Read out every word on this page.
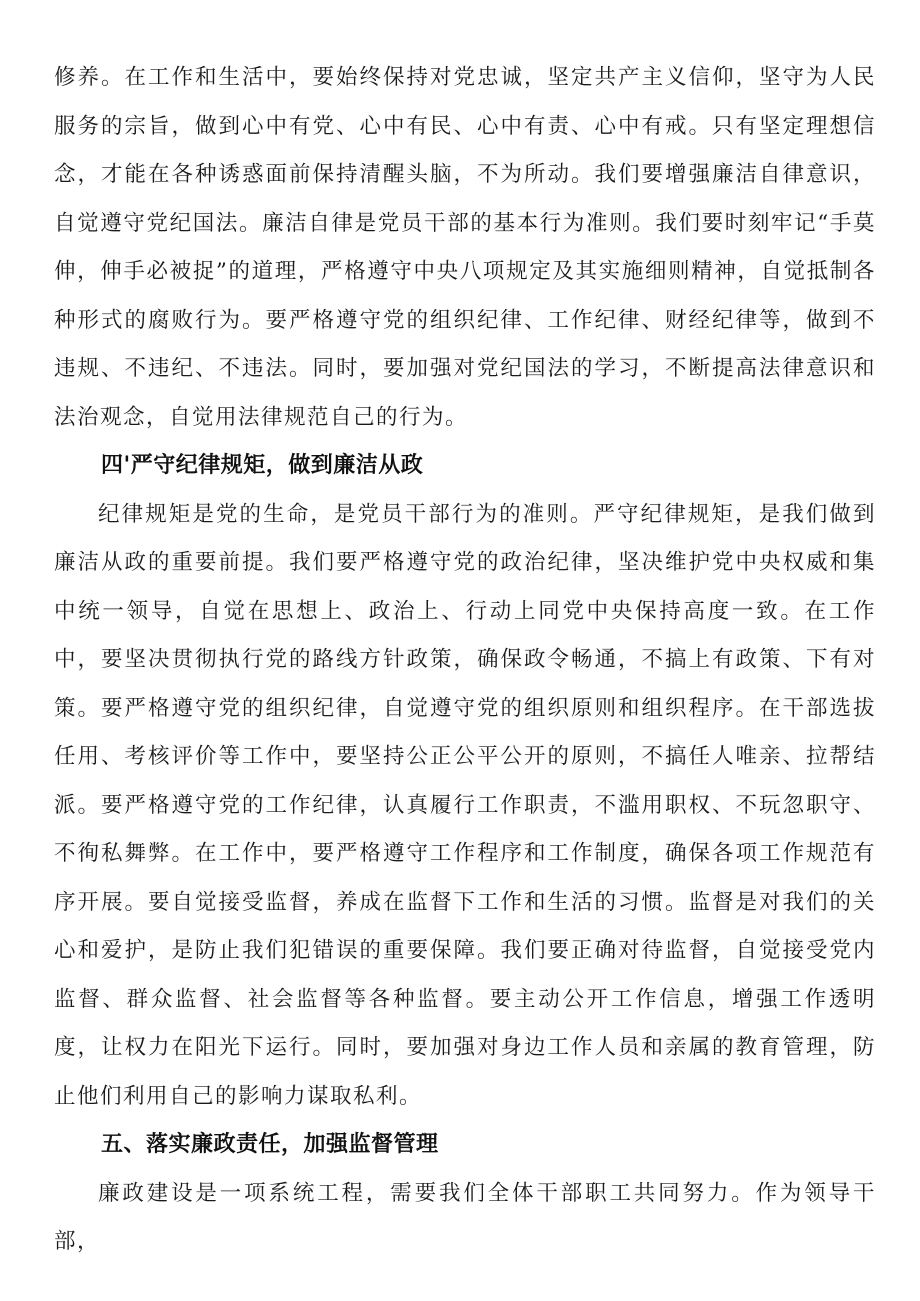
修养。在工作和生活中，要始终保持对党忠诚，坚定共产主义信仰，坚守为人民服务的宗旨，做到心中有党、心中有民、心中有责、心中有戒。只有坚定理想信念，才能在各种诱惑面前保持清醒头脑，不为所动。我们要增强廉洁自律意识，自觉遵守党纪国法。廉洁自律是党员干部的基本行为准则。我们要时刻牢记“手莫伸，伸手必被捉”的道理，严格遵守中央八项规定及其实施细则精神，自觉抵制各种形式的腐败行为。要严格遵守党的组织纪律、工作纪律、财经纪律等，做到不违规、不违纪、不违法。同时，要加强对党纪国法的学习，不断提高法律意识和法治观念，自觉用法律规范自己的行为。

四'严守纪律规矩，做到廉洁从政

纪律规矩是党的生命，是党员干部行为的准则。严守纪律规矩，是我们做到廉洁从政的重要前提。我们要严格遵守党的政治纪律，坚决维护党中央权威和集中统一领导，自觉在思想上、政治上、行动上同党中央保持高度一致。在工作中，要坚决贯彻执行党的路线方针政策，确保政令畅通，不搞上有政策、下有对策。要严格遵守党的组织纪律，自觉遵守党的组织原则和组织程序。在干部选拔任用、考核评价等工作中，要坚持公正公平公开的原则，不搞任人唯亲、拉帮结派。要严格遵守党的工作纪律，认真履行工作职责，不滥用职权、不玩忽职守、不徇私舞弊。在工作中，要严格遵守工作程序和工作制度，确保各项工作规范有序开展。要自觉接受监督，养成在监督下工作和生活的习惯。监督是对我们的关心和爱护，是防止我们犯错误的重要保障。我们要正确对待监督，自觉接受党内监督、群众监督、社会监督等各种监督。要主动公开工作信息，增强工作透明度，让权力在阳光下运行。同时，要加强对身边工作人员和亲属的教育管理，防止他们利用自己的影响力谋取私利。

五、落实廉政责任，加强监督管理

廉政建设是一项系统工程，需要我们全体干部职工共同努力。作为领导干部，
